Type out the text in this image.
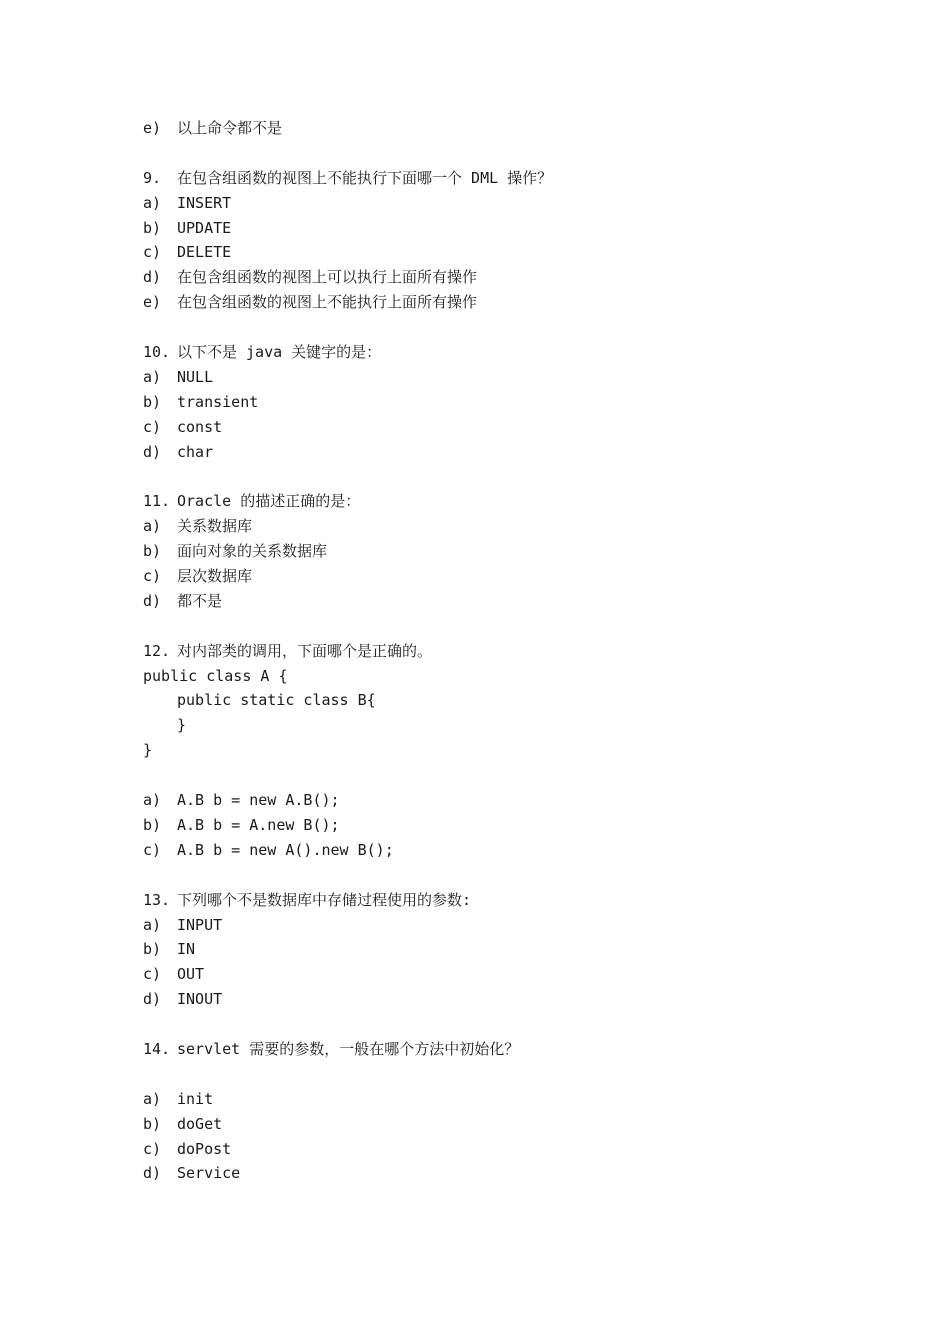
e) 以上命令都不是
9. 在包含组函数的视图上不能执行下面哪一个 DML 操作？
a) INSERT
b) UPDATE
c) DELETE
d) 在包含组函数的视图上可以执行上面所有操作
e) 在包含组函数的视图上不能执行上面所有操作
10. 以下不是 java 关键字的是：
a) NULL
b) transient
c) const
d) char
11. Oracle 的描述正确的是：
a) 关系数据库
b) 面向对象的关系数据库
c) 层次数据库
d) 都不是
12. 对内部类的调用，下面哪个是正确的。
public class A {
public static class B{
}
}
a) A.B b = new A.B();
b) A.B b = A.new B();
c) A.B b = new A().new B();
13. 下列哪个不是数据库中存储过程使用的参数:
a) INPUT
b) IN
c) OUT
d) INOUT
14. servlet 需要的参数，一般在哪个方法中初始化？
a) init
b) doGet
c) doPost
d) Service
